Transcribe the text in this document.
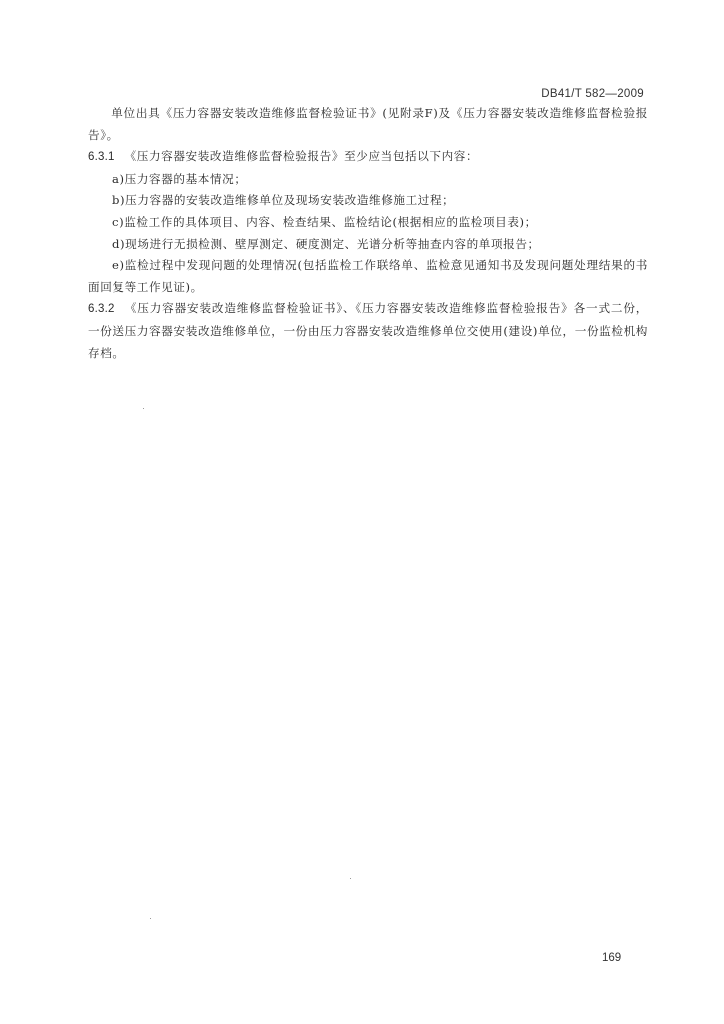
DB41/T 582—2009

单位出具《压力容器安装改造维修监督检验证书》(见附录F)及《压力容器安装改造维修监督检验报告》。

6.3.1 《压力容器安装改造维修监督检验报告》至少应当包括以下内容：

a)压力容器的基本情况；

b)压力容器的安装改造维修单位及现场安装改造维修施工过程；

c)监检工作的具体项目、内容、检查结果、监检结论(根据相应的监检项目表)；

d)现场进行无损检测、壁厚测定、硬度测定、光谱分析等抽查内容的单项报告；

e)监检过程中发现问题的处理情况(包括监检工作联络单、监检意见通知书及发现问题处理结果的书面回复等工作见证)。

6.3.2 《压力容器安装改造维修监督检验证书》、《压力容器安装改造维修监督检验报告》各一式二份，一份送压力容器安装改造维修单位，一份由压力容器安装改造维修单位交使用(建设)单位，一份监检机构存档。

169
